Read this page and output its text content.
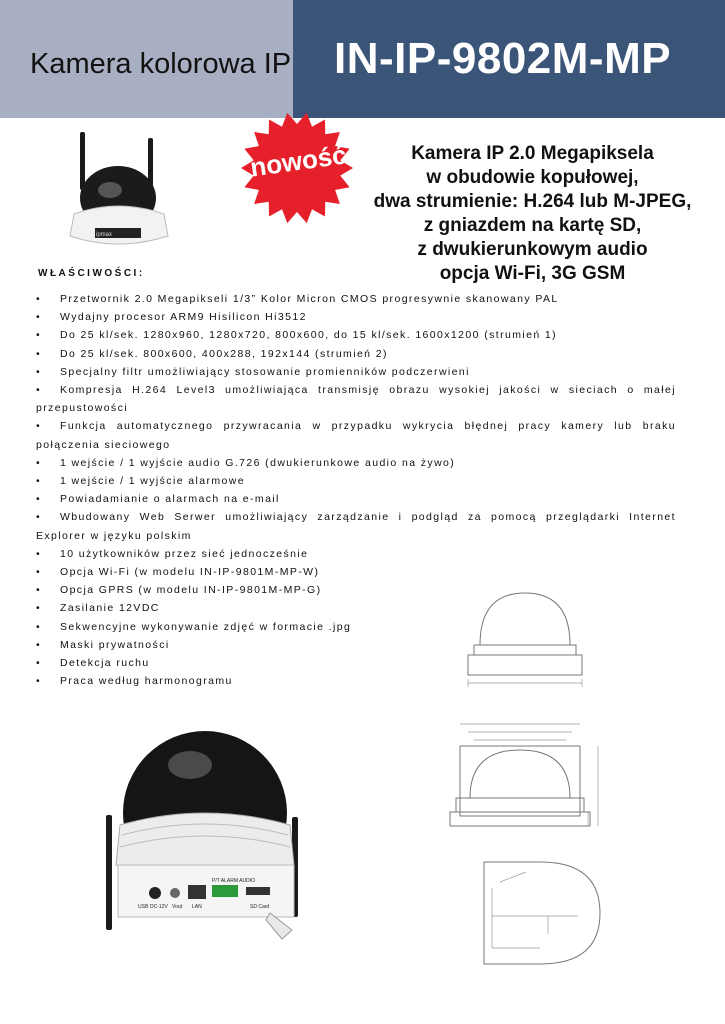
Kamera kolorowa IP IN-IP-9802M-MP
ipmax
nowość	Kamera IP 2.0 Megapiksela
w obudowie kopułowej,
dwa strumienie: H.264 lub M-JPEG,
z gniazdem na kartę SD,
z dwukierunkowym audio
opcja Wi-Fi, 3G GSM
WŁAŚCIWOŚCI:
• Przetwornik 2.0 Megapikseli 1/3” Kolor Micron CMOS progresywnie skanowany PAL
• Wydajny procesor ARM9 Hisilicon Hi3512
• Do 25 kl/sek. 1280x960, 1280x720, 800x600, do 15 kl/sek. 1600x1200 (strumień 1)
• Do 25 kl/sek. 800x600, 400x288, 192x144 (strumień 2)
• Specjalny filtr umożliwiający stosowanie promienników podczerwieni
• Kompresja H.264 Level3 umożliwiająca transmisję obrazu wysokiej jakości w sieciach o małej przepustowości
• Funkcja automatycznego przywracania w przypadku wykrycia błędnej pracy kamery lub braku połączenia sieciowego
• 1 wejście / 1 wyjście audio G.726 (dwukierunkowe audio na żywo)
• 1 wejście / 1 wyjście alarmowe
• Powiadamianie o alarmach na e-mail
• Wbudowany Web Serwer umożliwiający zarządzanie i podgląd za pomocą przeglądarki Internet Explorer w języku polskim
• 10 użytkowników przez sieć jednocześnie
• Opcja Wi-Fi (w modelu IN-IP-9801M-MP-W)
• Opcja GPRS (w modelu IN-IP-9801M-MP-G)
• Zasilanie 12VDC
• Sekwencyjne wykonywanie zdjęć w formacie .jpg
• Maski prywatności
• Detekcja ruchu
• Praca według harmonogramu
USB DC-12V Vout LAN
P/T ALARM AUDIO
SD Card
